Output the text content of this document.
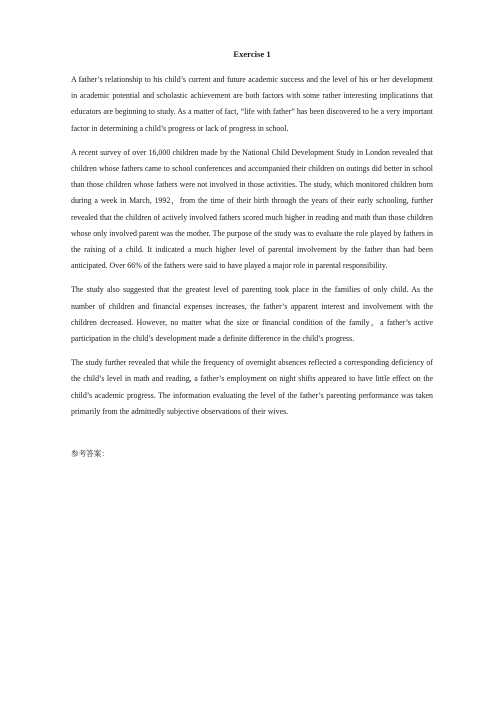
Exercise 1

A father’s relationship to his child’s current and future academic success and the level of his or her development in academic potential and scholastic achievement are both factors with some rather interesting implications that educators are beginning to study. As a matter of fact, “life with father” has been discovered to be a very important factor in determining a child’s progress or lack of progress in school.

A recent survey of over 16,000 children made by the National Child Development Study in London revealed that children whose fathers came to school conferences and accompanied their children on outings did better in school than those children whose fathers were not involved in those activities. The study, which monitored children born during a week in March, 1992，from the time of their birth through the years of their early schooling, further revealed that the children of actively involved fathers scored much higher in reading and math than those children whose only involved parent was the mother. The purpose of the study was to evaluate the role played by fathers in the raising of a child. It indicated a much higher level of parental involvement by the father than had been anticipated. Over 66% of the fathers were said to have played a major role in parental responsibility.

The study also suggested that the greatest level of parenting took place in the families of only child. As the number of children and financial expenses increases, the father’s apparent interest and involvement with the children decreased. However, no matter what the size or financial condition of the family，a father’s active participation in the child’s development made a definite difference in the child’s progress.

The study further revealed that while the frequency of overnight absences reflected a corresponding deficiency of the child’s level in math and reading, a father’s employment on night shifts appeared to have little effect on the child’s academic progress. The information evaluating the level of the father’s parenting performance was taken primarily from the admittedly subjective observations of their wives.

参考答案：
